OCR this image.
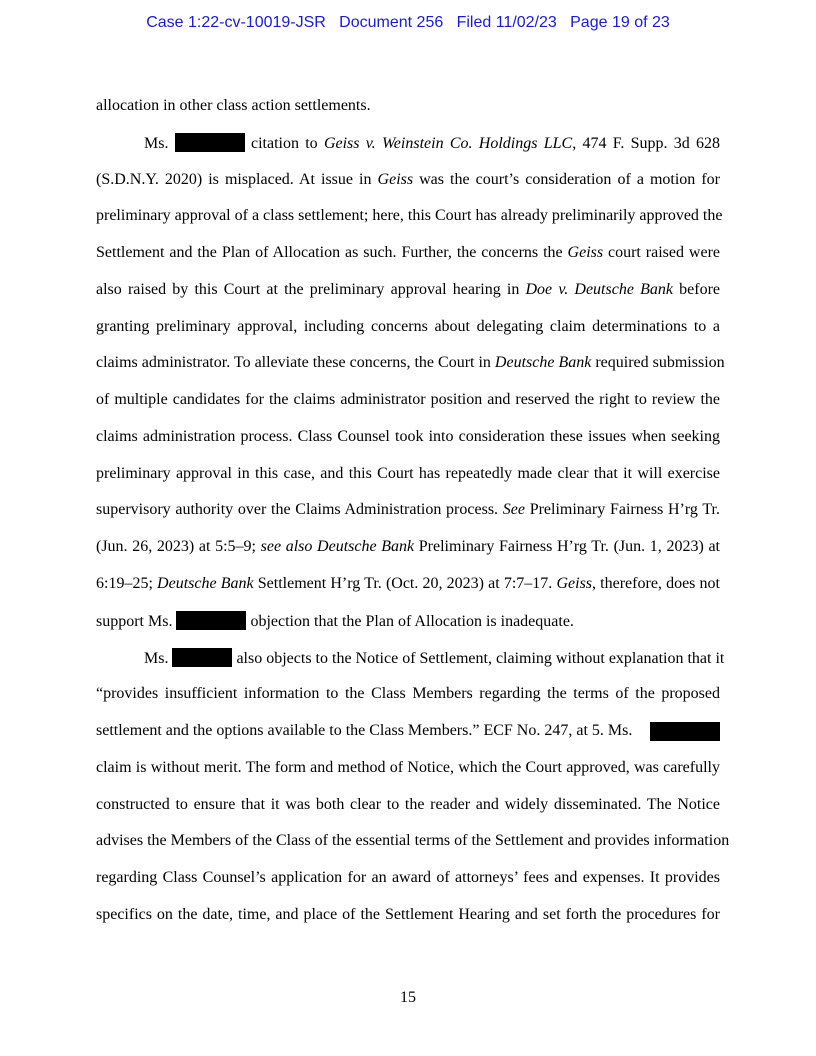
Case 1:22-cv-10019-JSR   Document 256   Filed 11/02/23   Page 19 of 23
allocation in other class action settlements.
Ms.	citation to Geiss v. Weinstein Co. Holdings LLC, 474 F. Supp. 3d 628
(S.D.N.Y. 2020) is misplaced. At issue in Geiss was the court’s consideration of a motion for
preliminary approval of a class settlement; here, this Court has already preliminarily approved the
Settlement and the Plan of Allocation as such. Further, the concerns the Geiss court raised were
also raised by this Court at the preliminary approval hearing in Doe v. Deutsche Bank before
granting preliminary approval, including concerns about delegating claim determinations to a
claims administrator. To alleviate these concerns, the Court in Deutsche Bank required submission
of multiple candidates for the claims administrator position and reserved the right to review the
claims administration process. Class Counsel took into consideration these issues when seeking
preliminary approval in this case, and this Court has repeatedly made clear that it will exercise
supervisory authority over the Claims Administration process. See Preliminary Fairness H’rg Tr.
(Jun. 26, 2023) at 5:5–9; see also Deutsche Bank Preliminary Fairness H’rg Tr. (Jun. 1, 2023) at
6:19–25; Deutsche Bank Settlement H’rg Tr. (Oct. 20, 2023) at 7:7–17. Geiss, therefore, does not
support Ms.	objection that the Plan of Allocation is inadequate.
Ms.	also objects to the Notice of Settlement, claiming without explanation that it
“provides insufficient information to the Class Members regarding the terms of the proposed
settlement and the options available to the Class Members.” ECF No. 247, at 5. Ms.
claim is without merit. The form and method of Notice, which the Court approved, was carefully
constructed to ensure that it was both clear to the reader and widely disseminated. The Notice
advises the Members of the Class of the essential terms of the Settlement and provides information
regarding Class Counsel’s application for an award of attorneys’ fees and expenses. It provides
specifics on the date, time, and place of the Settlement Hearing and set forth the procedures for
15
